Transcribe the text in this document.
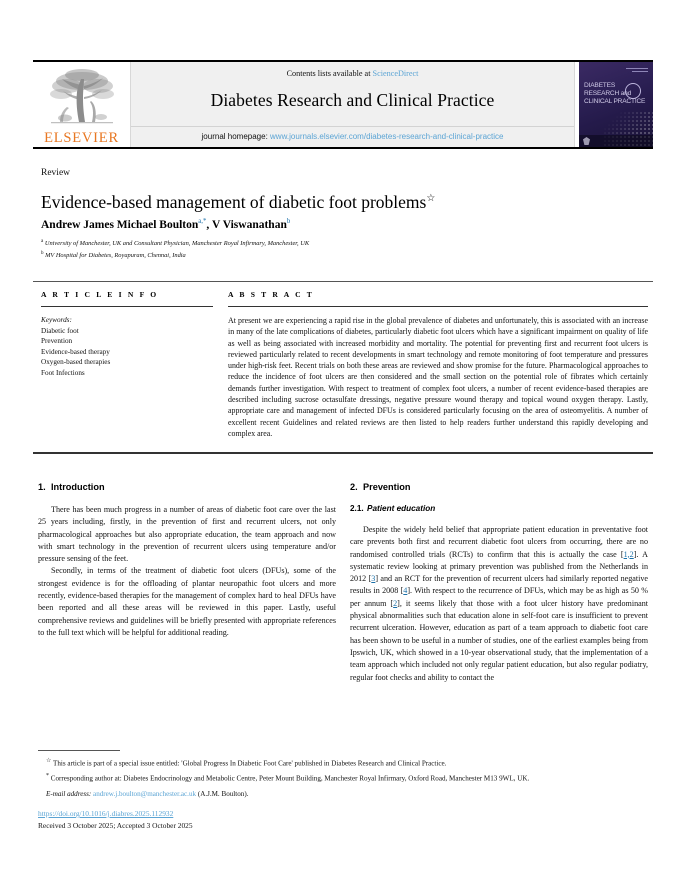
ELSEVIER
Contents lists available at ScienceDirect
Diabetes Research and Clinical Practice
journal homepage: www.journals.elsevier.com/diabetes-research-and-clinical-practice
DIABETES
RESEARCH and
CLINICAL PRACTICE
Review
Evidence-based management of diabetic foot problems☆
Andrew James Michael Boulton$^{a,*}$, V Viswanathan$^b$
$^a$ University of Manchester, UK and Consultant Physician, Manchester Royal Infirmary, Manchester, UK
$^b$ MV Hospital for Diabetes, Royapuram, Chennai, India
A R T I C L E I N F O
Keywords:
Diabetic foot
Prevention
Evidence-based therapy
Oxygen-based therapies
Foot Infections
A B S T R A C T
At present we are experiencing a rapid rise in the global prevalence of diabetes and unfortunately, this is associated with an increase in many of the late complications of diabetes, particularly diabetic foot ulcers which have a significant impairment on quality of life as well as being associated with increased morbidity and mortality. The potential for preventing first and recurrent foot ulcers is reviewed particularly related to recent developments in smart technology and remote monitoring of foot temperature and pressures under high-risk feet. Recent trials on both these areas are reviewed and show promise for the future. Pharmacological approaches to reduce the incidence of foot ulcers are then considered and the small section on the potential role of fibrates which certainly demands further investigation. With respect to treatment of complex foot ulcers, a number of recent evidence-based therapies are described including sucrose octasulfate dressings, negative pressure wound therapy and topical wound oxygen therapy. Lastly, appropriate care and management of infected DFUs is considered particularly focusing on the area of osteomyelitis. A number of excellent recent Guidelines and related reviews are then listed to help readers further understand this rapidly developing and complex area.
1. Introduction

There has been much progress in a number of areas of diabetic foot care over the last 25 years including, firstly, in the prevention of first and recurrent ulcers, not only pharmacological approaches but also appropriate education, the team approach and now with smart technology in the prevention of recurrent ulcers using temperature and/or pressure sensing of the feet.

Secondly, in terms of the treatment of diabetic foot ulcers (DFUs), some of the strongest evidence is for the offloading of plantar neuropathic foot ulcers and more recently, evidence-based therapies for the management of complex hard to heal DFUs have been reported and all these areas will be reviewed in this paper. Lastly, useful comprehensive reviews and guidelines will be briefly presented with appropriate references to the full text which will be helpful for additional reading.

2. Prevention
2.1. Patient education

Despite the widely held belief that appropriate patient education in preventative foot care prevents both first and recurrent diabetic foot ulcers from occurring, there are no randomised controlled trials (RCTs) to confirm that this is actually the case [1,2]. A systematic review looking at primary prevention was published from the Netherlands in 2012 [3] and an RCT for the prevention of recurrent ulcers had similarly reported negative results in 2008 [4]. With respect to the recurrence of DFUs, which may be as high as 50 % per annum [2], it seems likely that those with a foot ulcer history have predominant physical abnormalities such that education alone in self-foot care is insufficient to prevent recurrent ulceration. However, education as part of a team approach to diabetic foot care has been shown to be useful in a number of studies, one of the earliest examples being from Ipswich, UK, which showed in a 10-year observational study, that the implementation of a team approach which included not only regular patient education, but also regular podiatry, regular foot checks and ability to contact the

☆ This article is part of a special issue entitled: 'Global Progress In Diabetic Foot Care' published in Diabetes Research and Clinical Practice.

* Corresponding author at: Diabetes Endocrinology and Metabolic Centre, Peter Mount Building, Manchester Royal Infirmary, Oxford Road, Manchester M13 9WL, UK.

E-mail address: andrew.j.boulton@manchester.ac.uk (A.J.M. Boulton).

https://doi.org/10.1016/j.diabres.2025.112932
Received 3 October 2025; Accepted 3 October 2025
